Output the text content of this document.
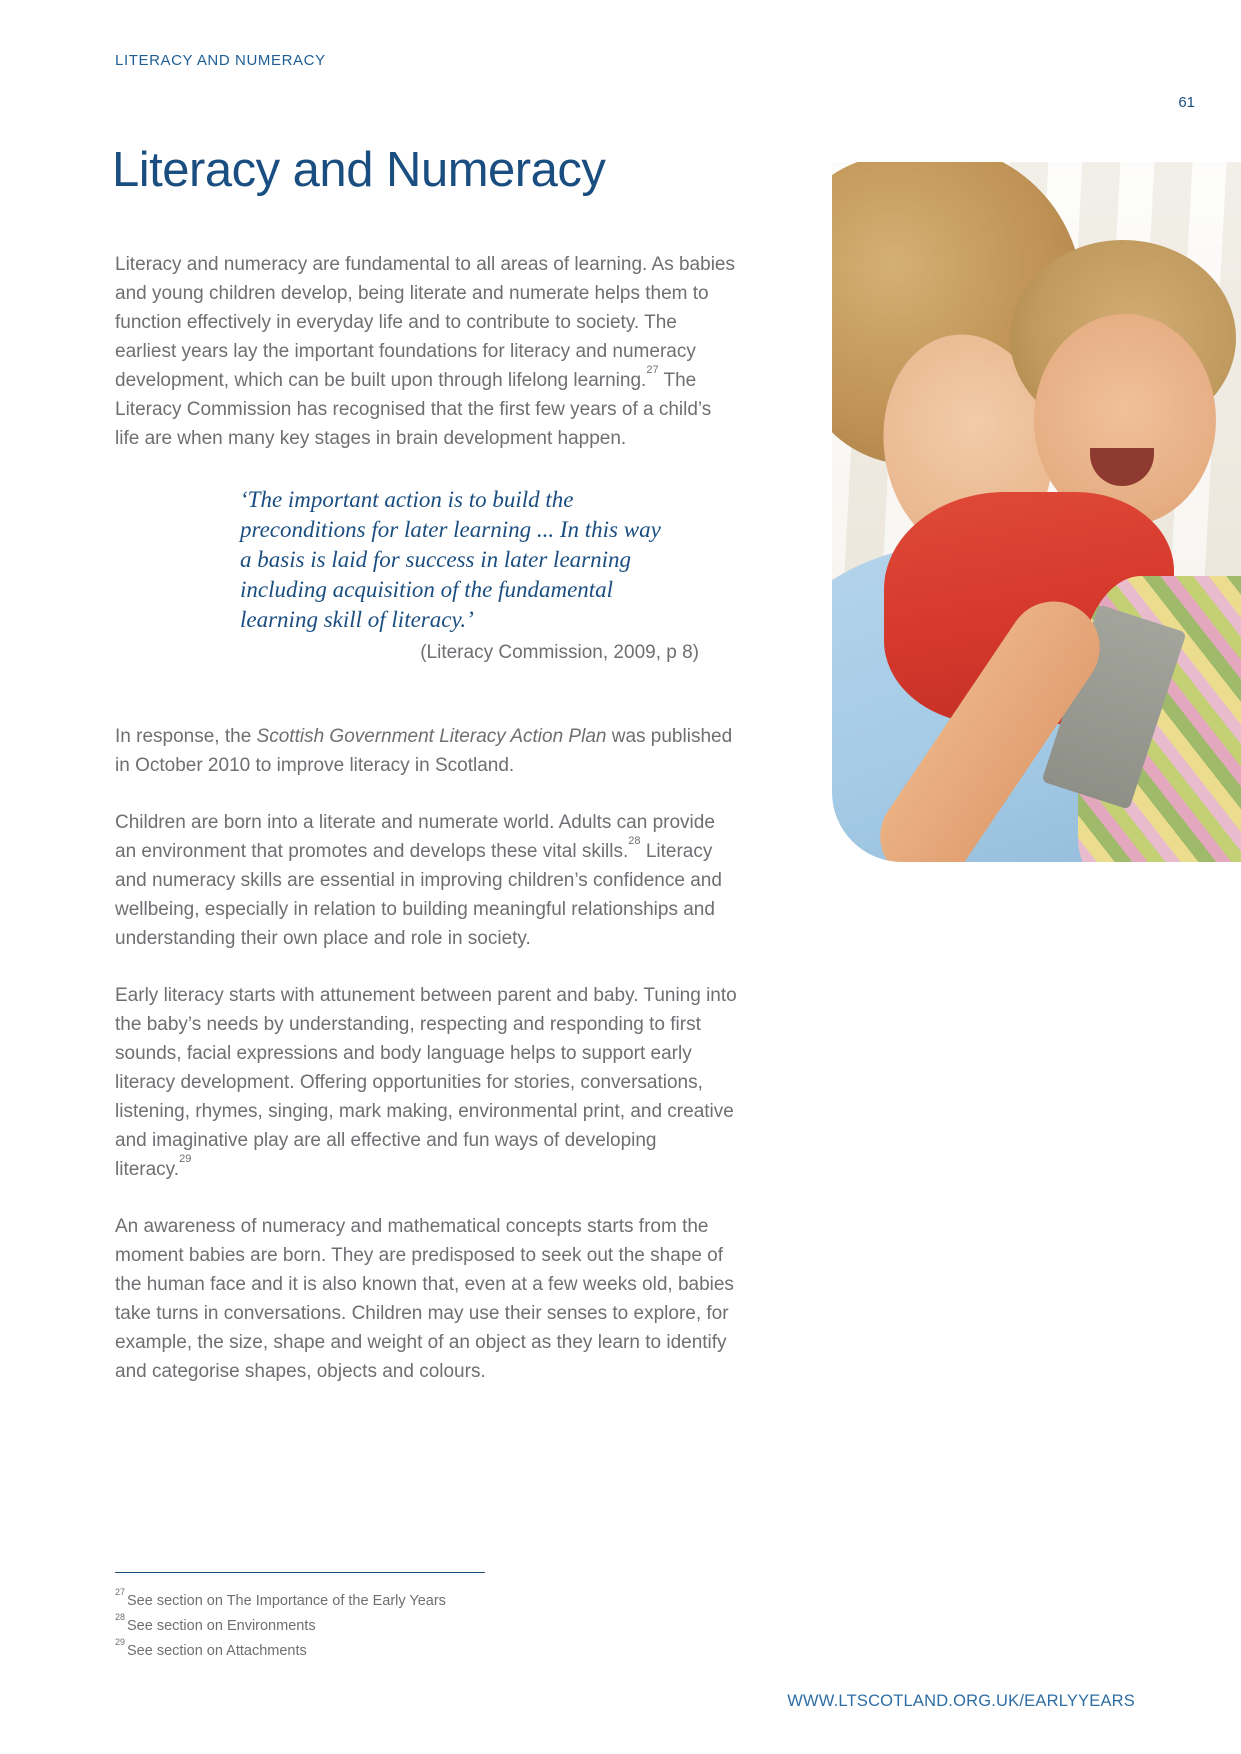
LITERACY AND NUMERACY
61
Literacy and Numeracy

Literacy and numeracy are fundamental to all areas of learning. As babies and young children develop, being literate and numerate helps them to function effectively in everyday life and to contribute to society. The earliest years lay the important foundations for literacy and numeracy development, which can be built upon through lifelong learning.$^{27}$ The Literacy Commission has recognised that the first few years of a child’s life are when many key stages in brain development happen.

‘The important action is to build the
preconditions for later learning ... In this way
a basis is laid for success in later learning
including acquisition of the fundamental
learning skill of literacy.’
(Literacy Commission, 2009, p 8)

In response, the Scottish Government Literacy Action Plan was published in October 2010 to improve literacy in Scotland.

Children are born into a literate and numerate world. Adults can provide an environment that promotes and develops these vital skills.$^{28}$ Literacy and numeracy skills are essential in improving children’s confidence and wellbeing, especially in relation to building meaningful relationships and understanding their own place and role in society.

Early literacy starts with attunement between parent and baby. Tuning into the baby’s needs by understanding, respecting and responding to first sounds, facial expressions and body language helps to support early literacy development. Offering opportunities for stories, conversations, listening, rhymes, singing, mark making, environmental print, and creative and imaginative play are all effective and fun ways of developing literacy.$^{29}$

An awareness of numeracy and mathematical concepts starts from the moment babies are born. They are predisposed to seek out the shape of the human face and it is also known that, even at a few weeks old, babies take turns in conversations. Children may use their senses to explore, for example, the size, shape and weight of an object as they learn to identify and categorise shapes, objects and colours.

$^{27}$See section on The Importance of the Early Years
$^{28}$See section on Environments
$^{29}$See section on Attachments
WWW.LTSCOTLAND.ORG.UK/EARLYYEARS
